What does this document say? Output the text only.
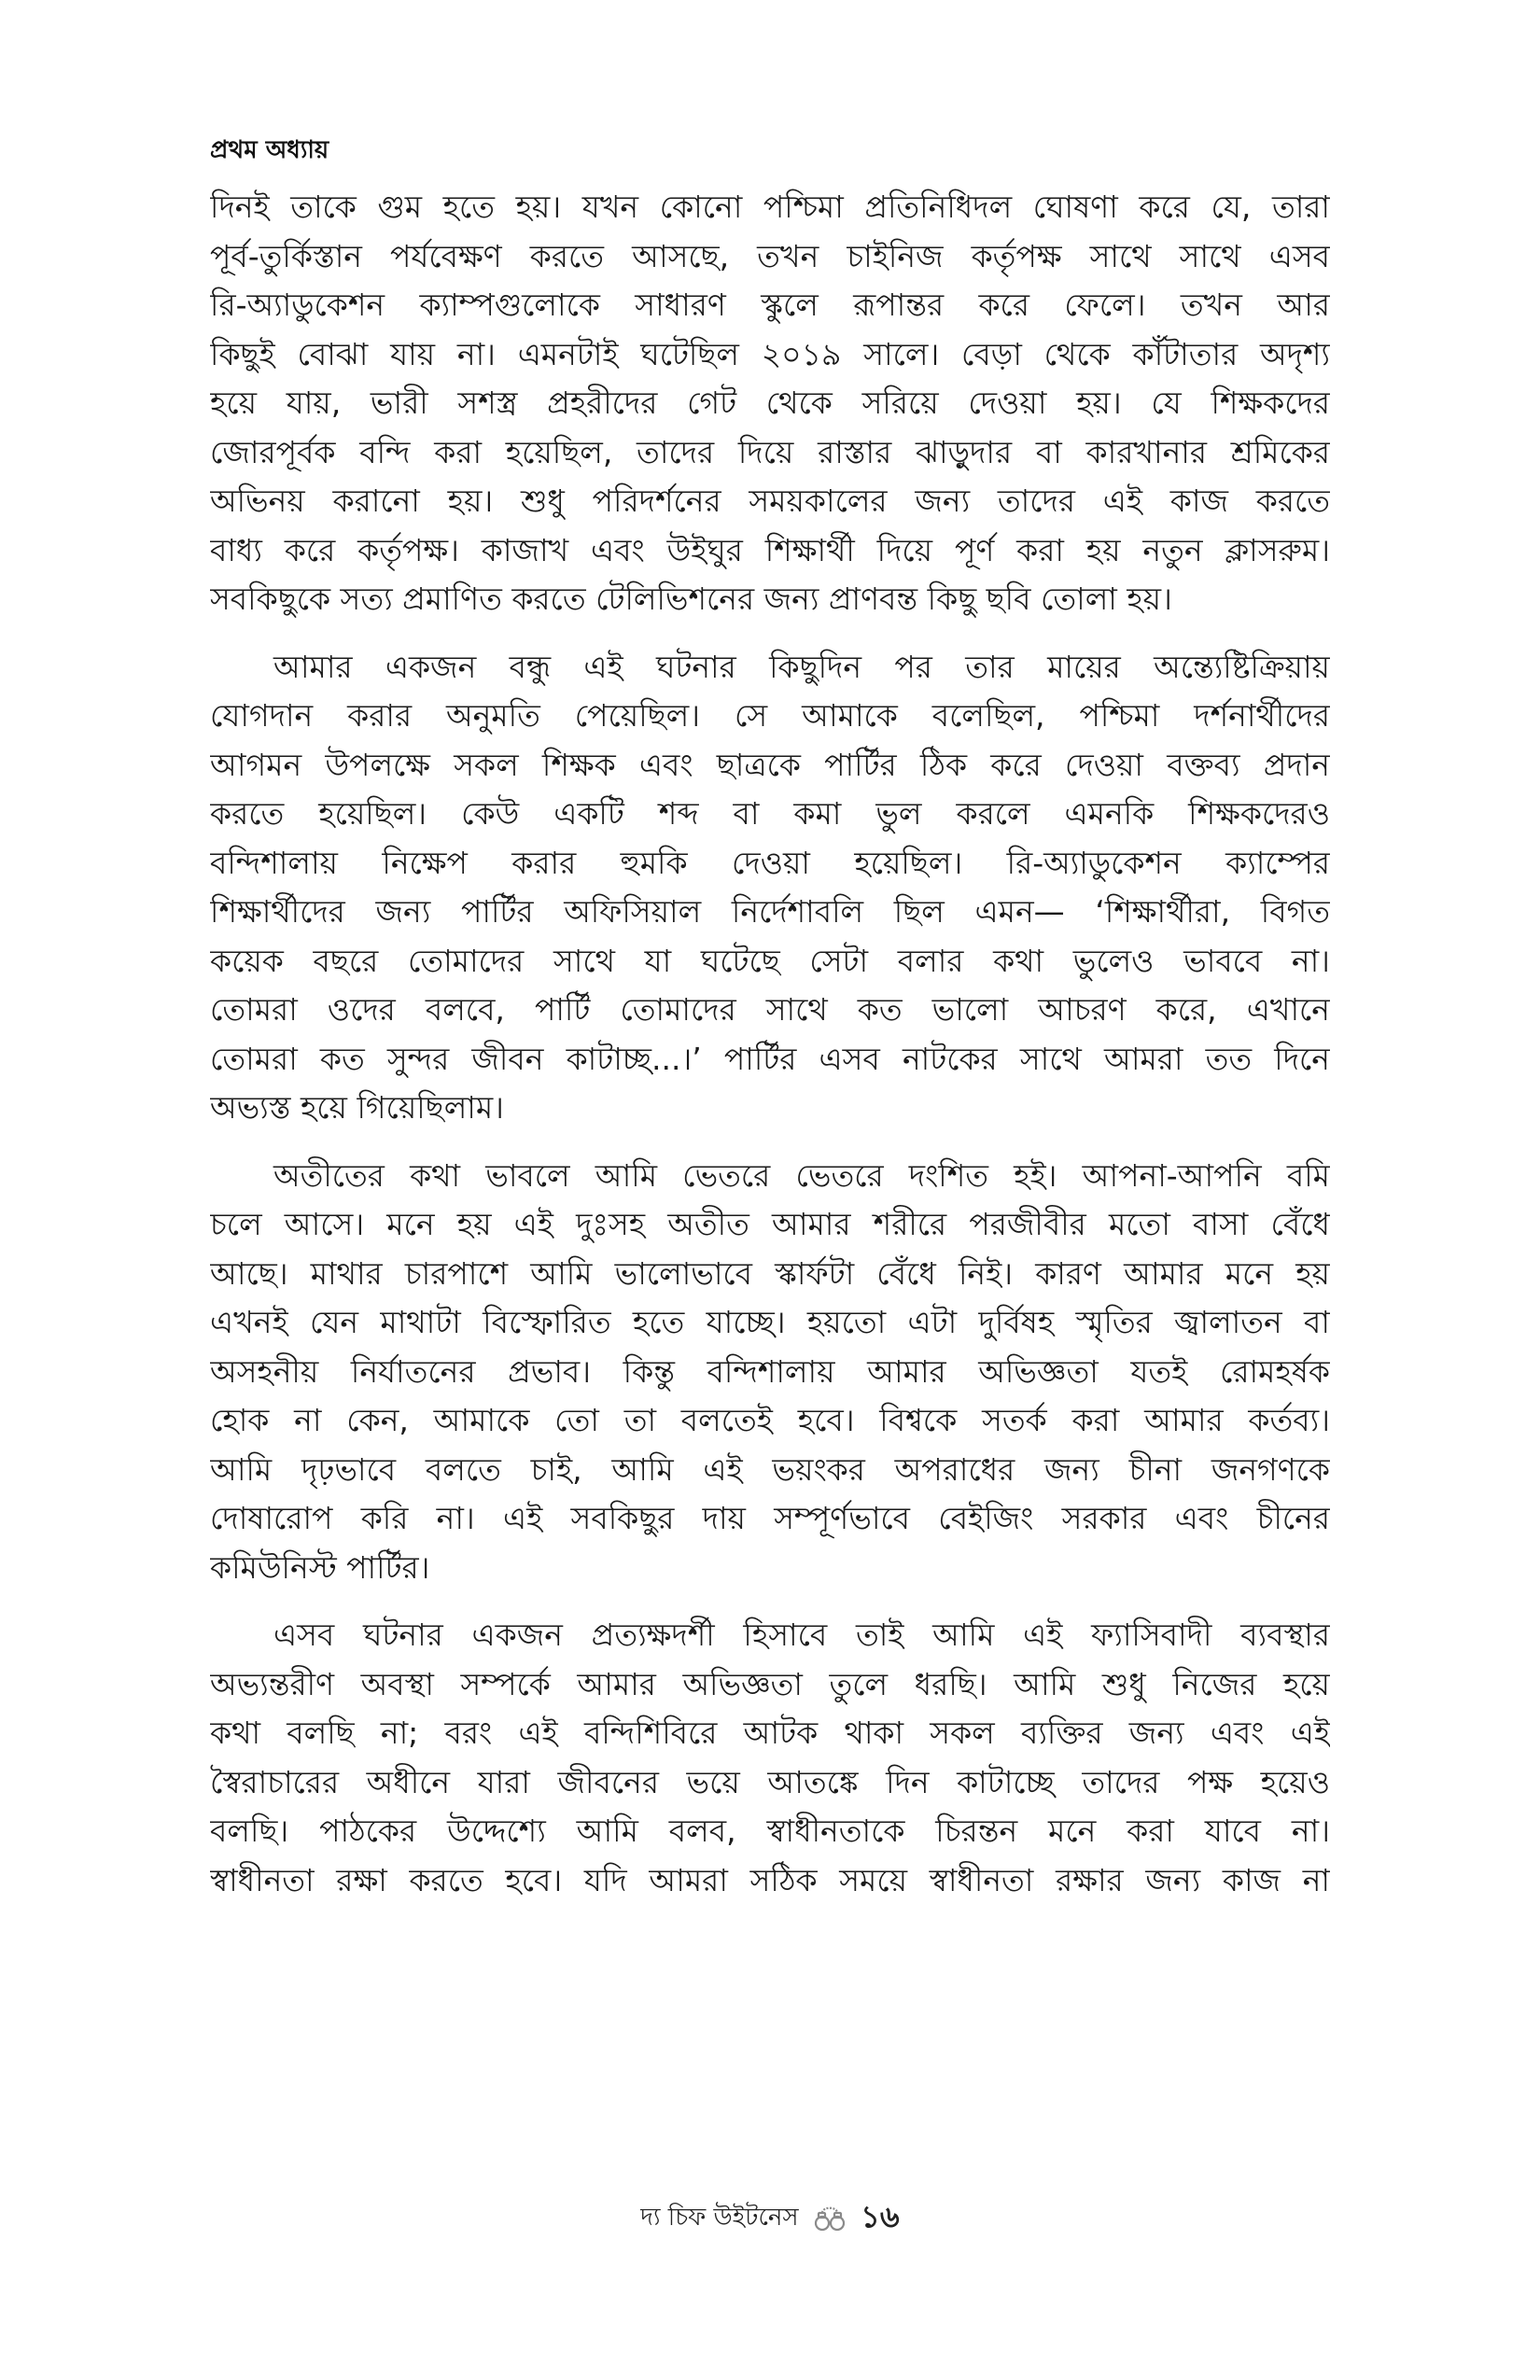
প্রথম অধ্যায়
দিনই তাকে গুম হতে হয়। যখন কোনো পশ্চিমা প্রতিনিধিদল ঘোষণা করে যে, তারা
পূর্ব-তুর্কিস্তান পর্যবেক্ষণ করতে আসছে, তখন চাইনিজ কর্তৃপক্ষ সাথে সাথে এসব
রি-অ্যাডুকেশন ক্যাম্পগুলোকে সাধারণ স্কুলে রূপান্তর করে ফেলে। তখন আর
কিছুই বোঝা যায় না। এমনটাই ঘটেছিল ২০১৯ সালে। বেড়া থেকে কাঁটাতার অদৃশ্য
হয়ে যায়, ভারী সশস্ত্র প্রহরীদের গেট থেকে সরিয়ে দেওয়া হয়। যে শিক্ষকদের
জোরপূর্বক বন্দি করা হয়েছিল, তাদের দিয়ে রাস্তার ঝাড়ুদার বা কারখানার শ্রমিকের
অভিনয় করানো হয়। শুধু পরিদর্শনের সময়কালের জন্য তাদের এই কাজ করতে
বাধ্য করে কর্তৃপক্ষ। কাজাখ এবং উইঘুর শিক্ষার্থী দিয়ে পূর্ণ করা হয় নতুন ক্লাসরুম।
সবকিছুকে সত্য প্রমাণিত করতে টেলিভিশনের জন্য প্রাণবন্ত কিছু ছবি তোলা হয়।
আমার একজন বন্ধু এই ঘটনার কিছুদিন পর তার মায়ের অন্ত্যেষ্টিক্রিয়ায়
যোগদান করার অনুমতি পেয়েছিল। সে আমাকে বলেছিল, পশ্চিমা দর্শনার্থীদের
আগমন উপলক্ষে সকল শিক্ষক এবং ছাত্রকে পার্টির ঠিক করে দেওয়া বক্তব্য প্রদান
করতে হয়েছিল। কেউ একটি শব্দ বা কমা ভুল করলে এমনকি শিক্ষকদেরও
বন্দিশালায় নিক্ষেপ করার হুমকি দেওয়া হয়েছিল। রি-অ্যাডুকেশন ক্যাম্পের
শিক্ষার্থীদের জন্য পার্টির অফিসিয়াল নির্দেশাবলি ছিল এমন— ‘শিক্ষার্থীরা, বিগত
কয়েক বছরে তোমাদের সাথে যা ঘটেছে সেটা বলার কথা ভুলেও ভাববে না।
তোমরা ওদের বলবে, পার্টি তোমাদের সাথে কত ভালো আচরণ করে, এখানে
তোমরা কত সুন্দর জীবন কাটাচ্ছ...।’ পার্টির এসব নাটকের সাথে আমরা তত দিনে
অভ্যস্ত হয়ে গিয়েছিলাম।
অতীতের কথা ভাবলে আমি ভেতরে ভেতরে দংশিত হই। আপনা-আপনি বমি
চলে আসে। মনে হয় এই দুঃসহ অতীত আমার শরীরে পরজীবীর মতো বাসা বেঁধে
আছে। মাথার চারপাশে আমি ভালোভাবে স্কার্ফটা বেঁধে নিই। কারণ আমার মনে হয়
এখনই যেন মাথাটা বিস্ফোরিত হতে যাচ্ছে। হয়তো এটা দুর্বিষহ স্মৃতির জ্বালাতন বা
অসহনীয় নির্যাতনের প্রভাব। কিন্তু বন্দিশালায় আমার অভিজ্ঞতা যতই রোমহর্ষক
হোক না কেন, আমাকে তো তা বলতেই হবে। বিশ্বকে সতর্ক করা আমার কর্তব্য।
আমি দৃঢ়ভাবে বলতে চাই, আমি এই ভয়ংকর অপরাধের জন্য চীনা জনগণকে
দোষারোপ করি না। এই সবকিছুর দায় সম্পূর্ণভাবে বেইজিং সরকার এবং চীনের
কমিউনিস্ট পার্টির।
এসব ঘটনার একজন প্রত্যক্ষদর্শী হিসাবে তাই আমি এই ফ্যাসিবাদী ব্যবস্থার
অভ্যন্তরীণ অবস্থা সম্পর্কে আমার অভিজ্ঞতা তুলে ধরছি। আমি শুধু নিজের হয়ে
কথা বলছি না; বরং এই বন্দিশিবিরে আটক থাকা সকল ব্যক্তির জন্য এবং এই
স্বৈরাচারের অধীনে যারা জীবনের ভয়ে আতঙ্কে দিন কাটাচ্ছে তাদের পক্ষ হয়েও
বলছি। পাঠকের উদ্দেশ্যে আমি বলব, স্বাধীনতাকে চিরন্তন মনে করা যাবে না।
স্বাধীনতা রক্ষা করতে হবে। যদি আমরা সঠিক সময়ে স্বাধীনতা রক্ষার জন্য কাজ না
দ্য চিফ উইটনেস ১৬
